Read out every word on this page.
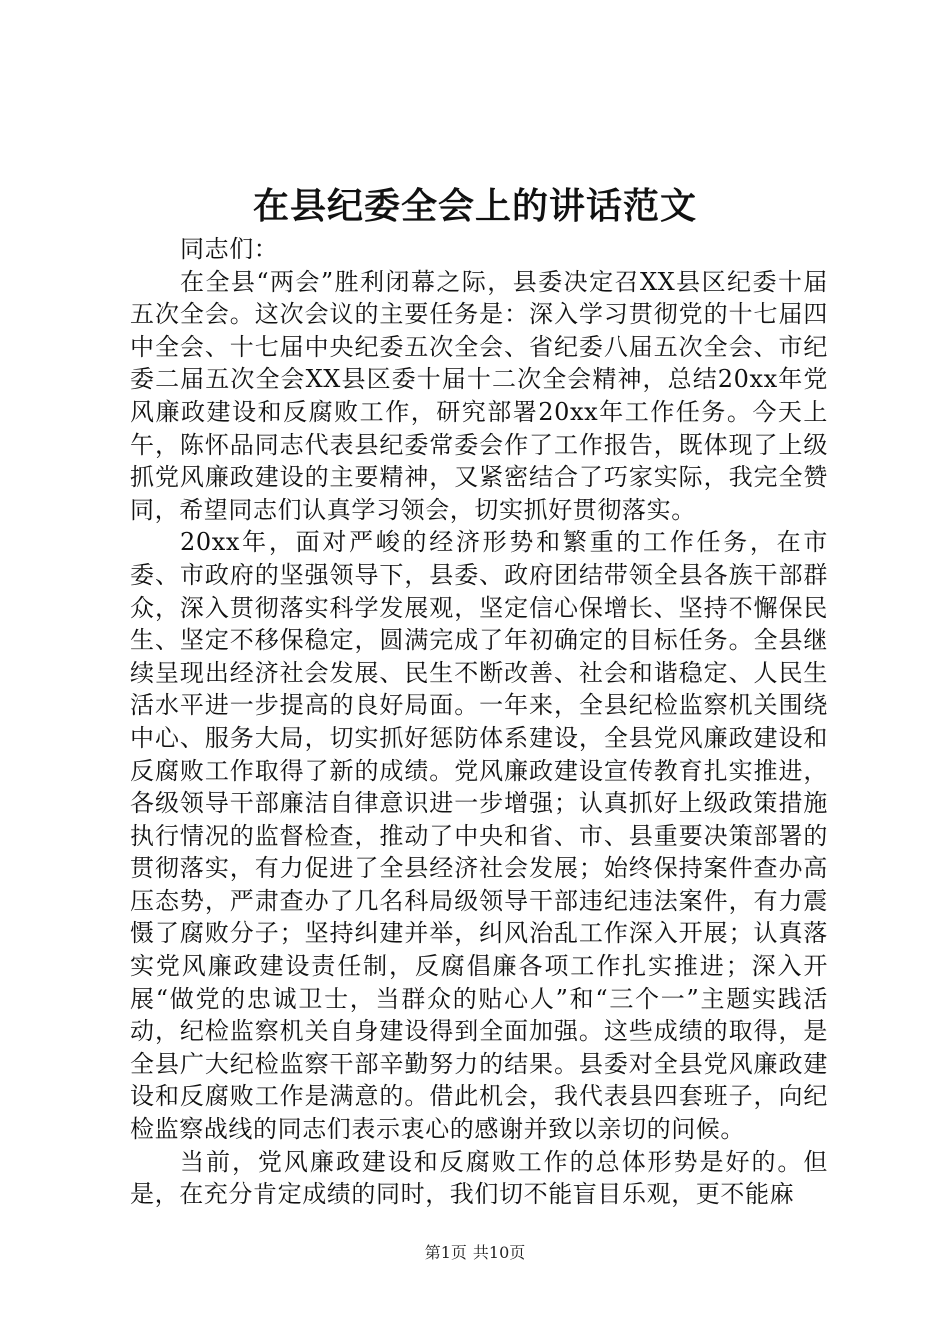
在县纪委全会上的讲话范文

同志们：

在全县“两会”胜利闭幕之际，县委决定召XX县区纪委十届五次全会。这次会议的主要任务是：深入学习贯彻党的十七届四中全会、十七届中央纪委五次全会、省纪委八届五次全会、市纪委二届五次全会XX县区委十届十二次全会精神，总结20xx年党风廉政建设和反腐败工作，研究部署20xx年工作任务。今天上午，陈怀品同志代表县纪委常委会作了工作报告，既体现了上级抓党风廉政建设的主要精神，又紧密结合了巧家实际，我完全赞同，希望同志们认真学习领会，切实抓好贯彻落实。

20xx年，面对严峻的经济形势和繁重的工作任务，在市委、市政府的坚强领导下，县委、政府团结带领全县各族干部群众，深入贯彻落实科学发展观，坚定信心保增长、坚持不懈保民生、坚定不移保稳定，圆满完成了年初确定的目标任务。全县继续呈现出经济社会发展、民生不断改善、社会和谐稳定、人民生活水平进一步提高的良好局面。一年来，全县纪检监察机关围绕中心、服务大局，切实抓好惩防体系建设，全县党风廉政建设和反腐败工作取得了新的成绩。党风廉政建设宣传教育扎实推进，各级领导干部廉洁自律意识进一步增强；认真抓好上级政策措施执行情况的监督检查，推动了中央和省、市、县重要决策部署的贯彻落实，有力促进了全县经济社会发展；始终保持案件查办高压态势，严肃查办了几名科局级领导干部违纪违法案件，有力震慑了腐败分子；坚持纠建并举，纠风治乱工作深入开展；认真落实党风廉政建设责任制，反腐倡廉各项工作扎实推进；深入开展“做党的忠诚卫士，当群众的贴心人”和“三个一”主题实践活动，纪检监察机关自身建设得到全面加强。这些成绩的取得，是全县广大纪检监察干部辛勤努力的结果。县委对全县党风廉政建设和反腐败工作是满意的。借此机会，我代表县四套班子，向纪检监察战线的同志们表示衷心的感谢并致以亲切的问候。

当前，党风廉政建设和反腐败工作的总体形势是好的。但是，在充分肯定成绩的同时，我们切不能盲目乐观，更不能麻

第1页 共10页
